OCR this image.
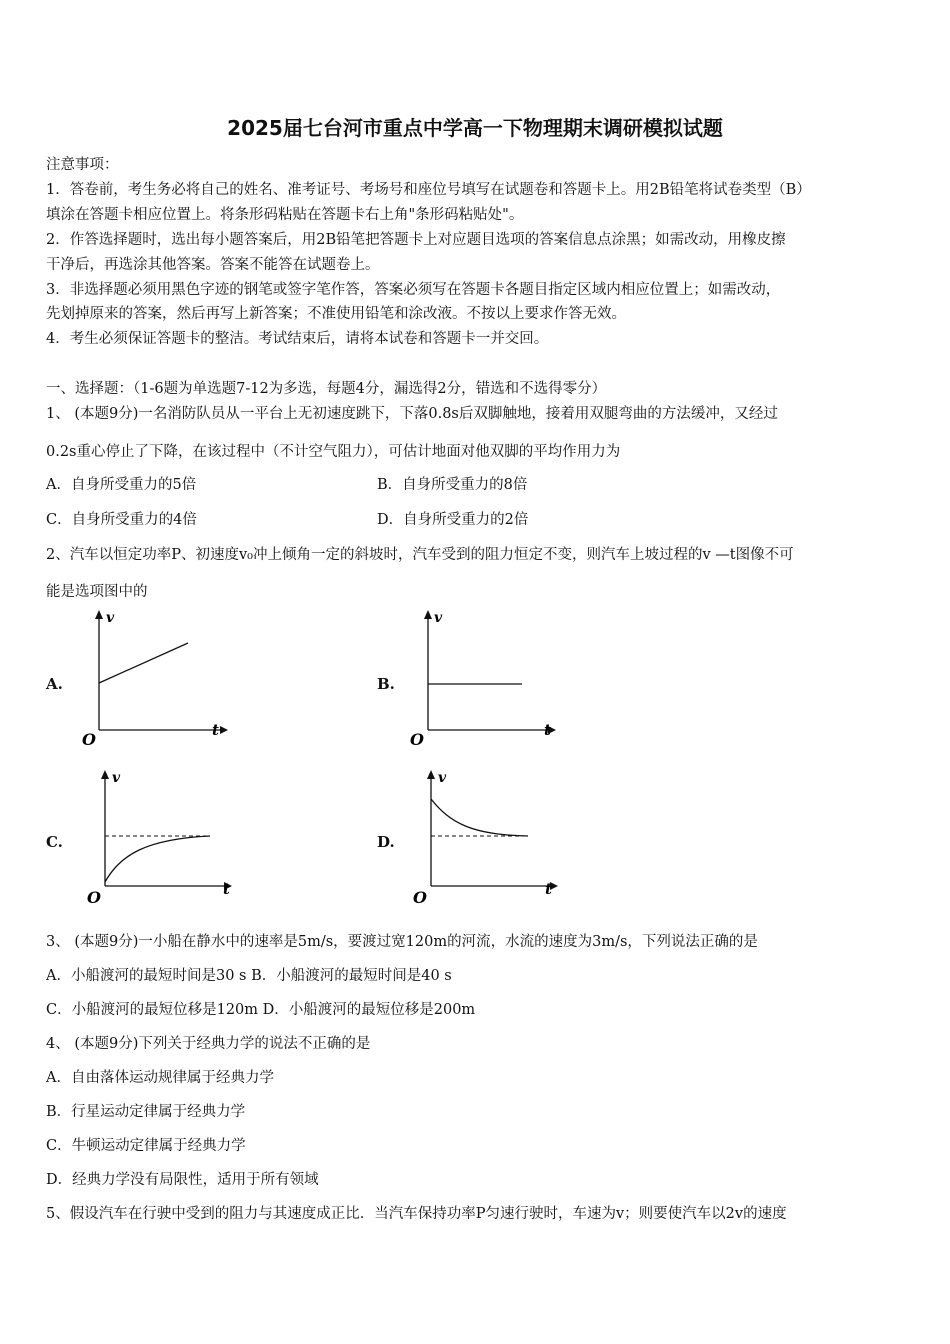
2025届七台河市重点中学高一下物理期末调研模拟试题
注意事项：
1．答卷前，考生务必将自己的姓名、准考证号、考场号和座位号填写在试题卷和答题卡上。用2B铅笔将试卷类型（B）
填涂在答题卡相应位置上。将条形码粘贴在答题卡右上角"条形码粘贴处"。
2．作答选择题时，选出每小题答案后，用2B铅笔把答题卡上对应题目选项的答案信息点涂黑；如需改动，用橡皮擦
干净后，再选涂其他答案。答案不能答在试题卷上。
3．非选择题必须用黑色字迹的钢笔或签字笔作答，答案必须写在答题卡各题目指定区域内相应位置上；如需改动，
先划掉原来的答案，然后再写上新答案；不准使用铅笔和涂改液。不按以上要求作答无效。
4．考生必须保证答题卡的整洁。考试结束后，请将本试卷和答题卡一并交回。
一、选择题：（1-6题为单选题7-12为多选，每题4分，漏选得2分，错选和不选得零分）
1、 (本题9分)一名消防队员从一平台上无初速度跳下，下落0.8s后双脚触地，接着用双腿弯曲的方法缓冲，又经过
0.2s重心停止了下降，在该过程中（不计空气阻力），可估计地面对他双脚的平均作用力为
A．自身所受重力的5倍	B．自身所受重力的8倍
C．自身所受重力的4倍	D．自身所受重力的2倍
2、汽车以恒定功率P、初速度v₀冲上倾角一定的斜坡时，汽车受到的阻力恒定不变，则汽车上坡过程的v —t图像不可
能是选项图中的
A.
v
t
O
B.
v
t
O
C.
v
t
O
D.
v
t
O
3、 (本题9分)一小船在静水中的速率是5m/s，要渡过宽120m的河流，水流的速度为3m/s，下列说法正确的是
A．小船渡河的最短时间是30 s B．小船渡河的最短时间是40 s
C．小船渡河的最短位移是120m D．小船渡河的最短位移是200m
4、 (本题9分)下列关于经典力学的说法不正确的是
A．自由落体运动规律属于经典力学
B．行星运动定律属于经典力学
C．牛顿运动定律属于经典力学
D．经典力学没有局限性，适用于所有领域
5、假设汽车在行驶中受到的阻力与其速度成正比．当汽车保持功率P匀速行驶时，车速为v；则要使汽车以2v的速度
